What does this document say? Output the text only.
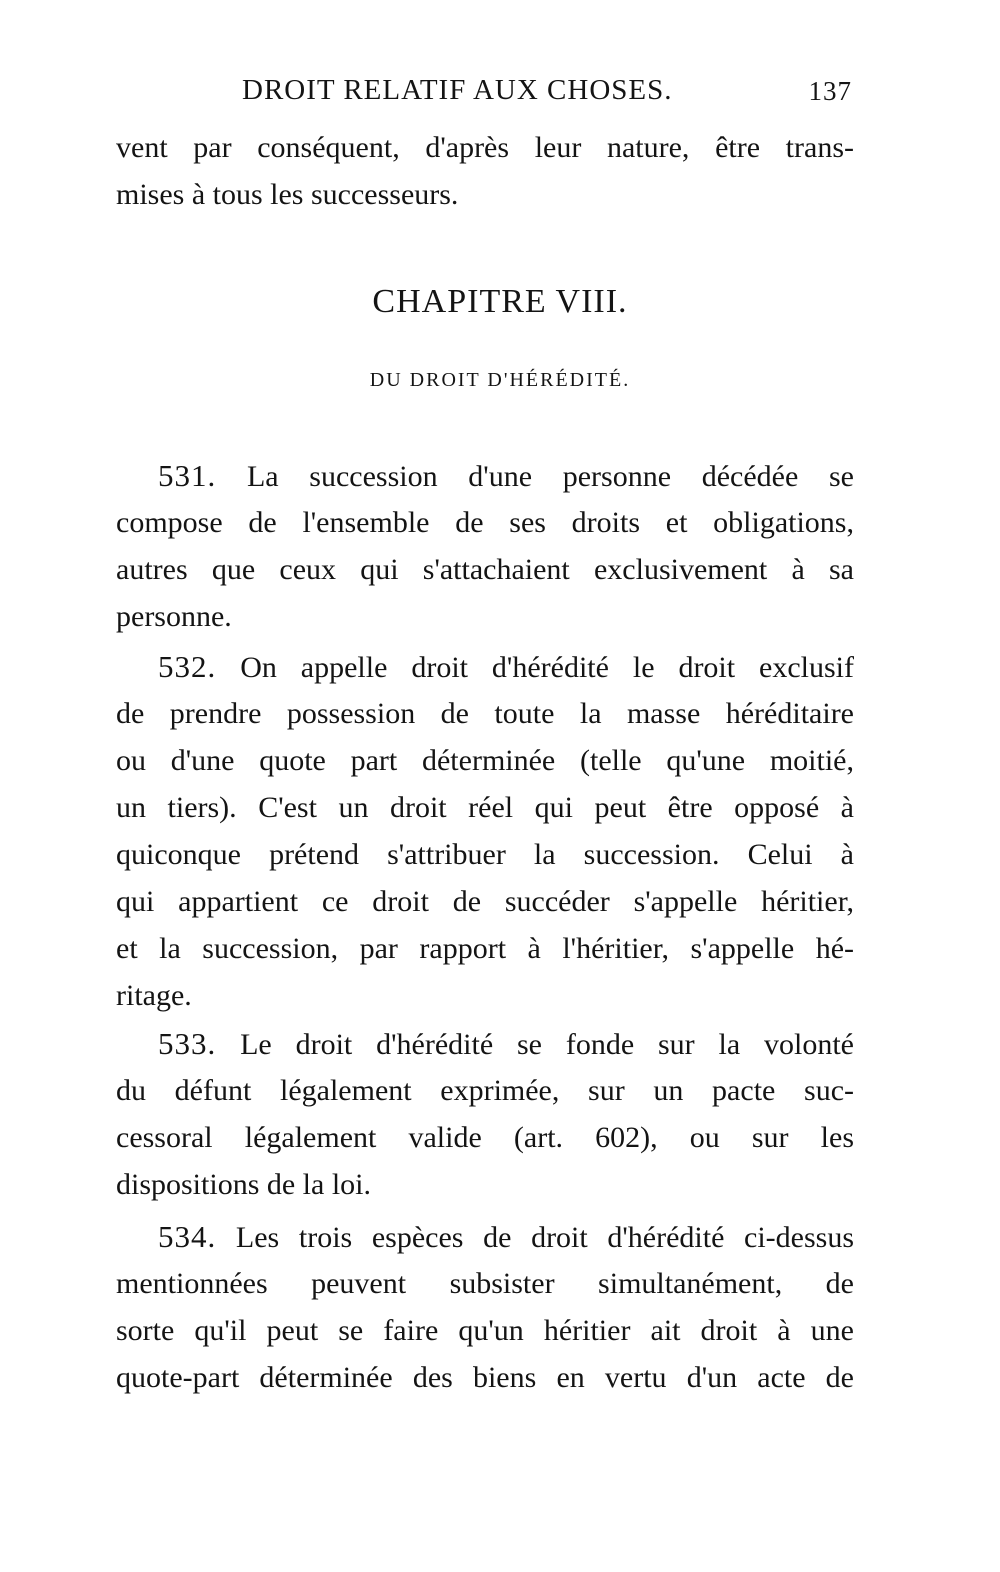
DROIT RELATIF AUX CHOSES.	137
vent par conséquent, d'après leur nature, être trans-
mises à tous les successeurs.
CHAPITRE VIII.
DU DROIT D'HÉRÉDITÉ.
531. La succession d'une personne décédée se
compose de l'ensemble de ses droits et obligations,
autres que ceux qui s'attachaient exclusivement à sa
personne.
532. On appelle droit d'hérédité le droit exclusif
de prendre possession de toute la masse héréditaire
ou d'une quote part déterminée (telle qu'une moitié,
un tiers). C'est un droit réel qui peut être opposé à
quiconque prétend s'attribuer la succession. Celui à
qui appartient ce droit de succéder s'appelle héritier,
et la succession, par rapport à l'héritier, s'appelle hé-
ritage.
533. Le droit d'hérédité se fonde sur la volonté
du défunt légalement exprimée, sur un pacte suc-
cessoral légalement valide (art. 602), ou sur les
dispositions de la loi.
534. Les trois espèces de droit d'hérédité ci-dessus
mentionnées peuvent subsister simultanément, de
sorte qu'il peut se faire qu'un héritier ait droit à une
quote-part déterminée des biens en vertu d'un acte de
